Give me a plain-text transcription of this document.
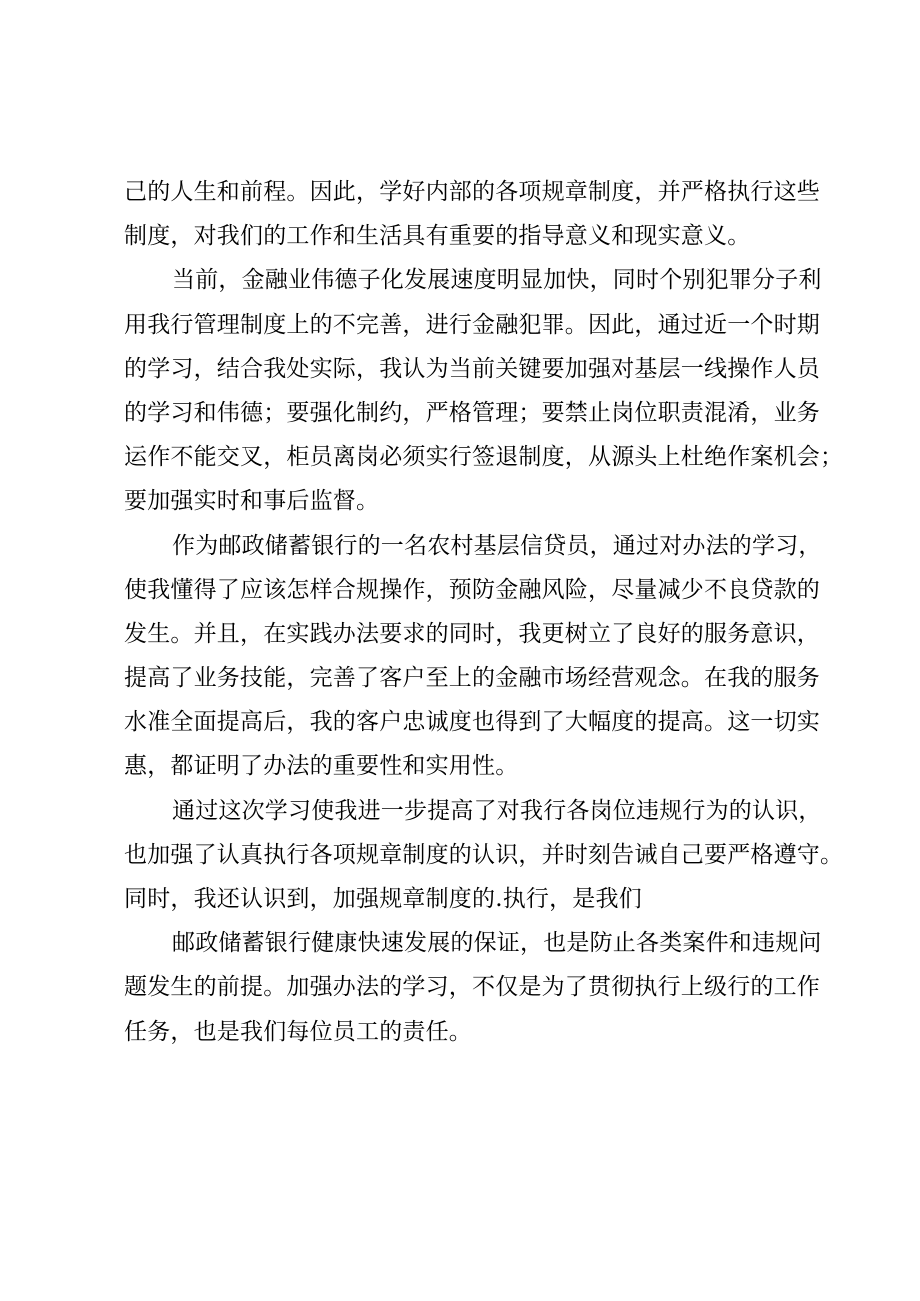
己的人生和前程。因此，学好内部的各项规章制度，并严格执行这些
制度，对我们的工作和生活具有重要的指导意义和现实意义。
当前，金融业伟德子化发展速度明显加快，同时个别犯罪分子利
用我行管理制度上的不完善，进行金融犯罪。因此，通过近一个时期
的学习，结合我处实际，我认为当前关键要加强对基层一线操作人员
的学习和伟德；要强化制约，严格管理；要禁止岗位职责混淆，业务
运作不能交叉，柜员离岗必须实行签退制度，从源头上杜绝作案机会；
要加强实时和事后监督。
作为邮政储蓄银行的一名农村基层信贷员，通过对办法的学习，
使我懂得了应该怎样合规操作，预防金融风险，尽量减少不良贷款的
发生。并且，在实践办法要求的同时，我更树立了良好的服务意识，
提高了业务技能，完善了客户至上的金融市场经营观念。在我的服务
水准全面提高后，我的客户忠诚度也得到了大幅度的提高。这一切实
惠，都证明了办法的重要性和实用性。
通过这次学习使我进一步提高了对我行各岗位违规行为的认识，
也加强了认真执行各项规章制度的认识，并时刻告诫自己要严格遵守。
同时，我还认识到，加强规章制度的.执行，是我们
邮政储蓄银行健康快速发展的保证，也是防止各类案件和违规问
题发生的前提。加强办法的学习，不仅是为了贯彻执行上级行的工作
任务，也是我们每位员工的责任。
